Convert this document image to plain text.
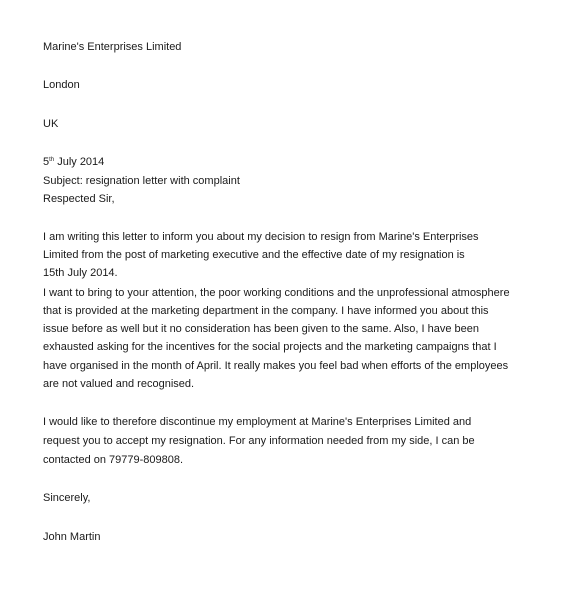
Marine's Enterprises Limited
London
UK
5th July 2014
Subject: resignation letter with complaint
Respected Sir,
I am writing this letter to inform you about my decision to resign from Marine's Enterprises
Limited from the post of marketing executive and the effective date of my resignation is
15th July 2014.
I want to bring to your attention, the poor working conditions and the unprofessional atmosphere
that is provided at the marketing department in the company. I have informed you about this
issue before as well but it no consideration has been given to the same. Also, I have been
exhausted asking for the incentives for the social projects and the marketing campaigns that I
have organised in the month of April. It really makes you feel bad when efforts of the employees
are not valued and recognised.
I would like to therefore discontinue my employment at Marine's Enterprises Limited and
request you to accept my resignation. For any information needed from my side, I can be
contacted on 79779-809808.
Sincerely,
John Martin
